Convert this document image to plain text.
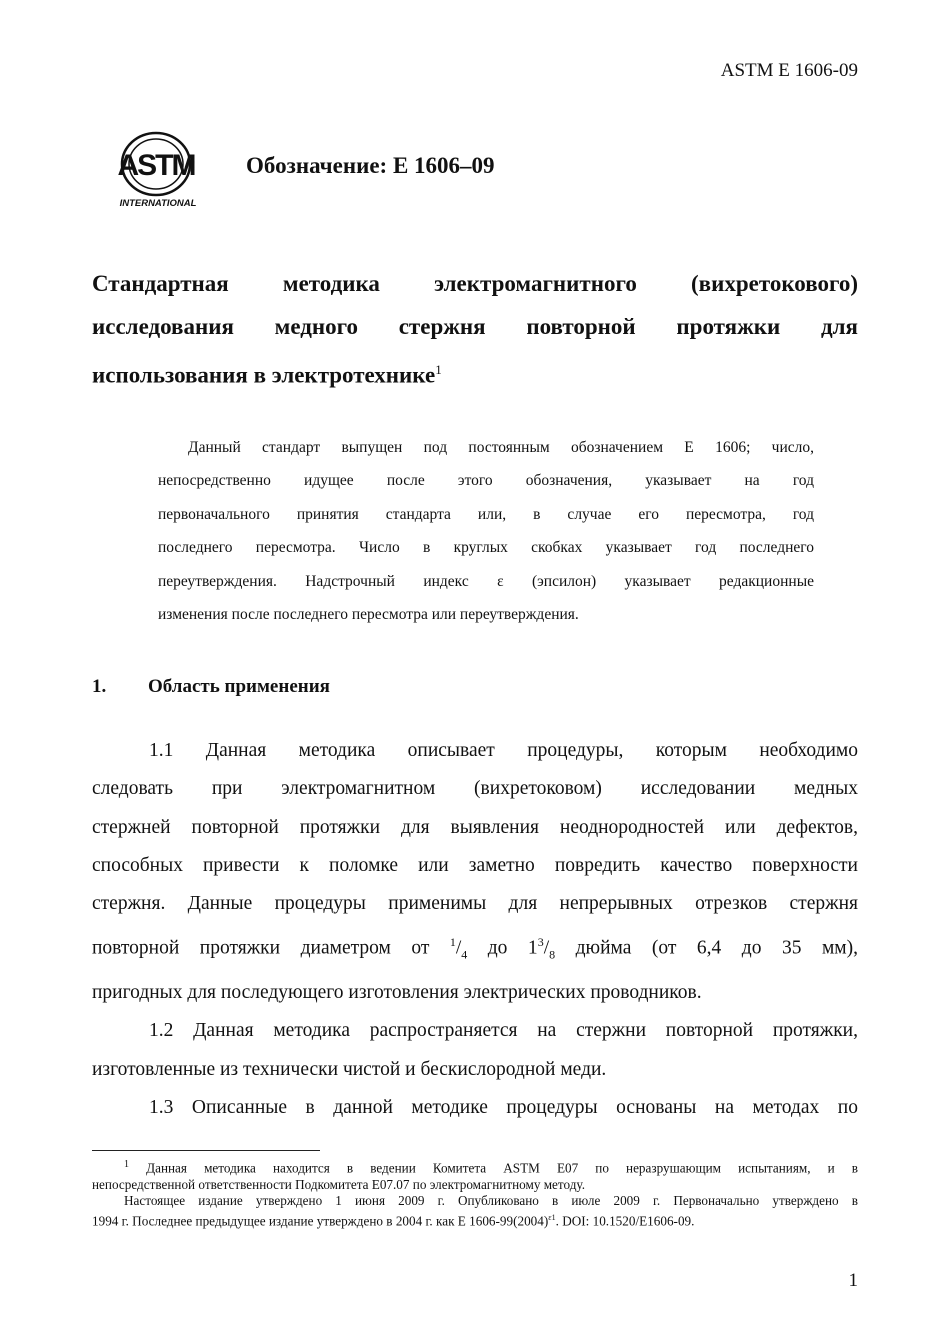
ASTM E 1606-09
ASTM
INTERNATIONAL
Обозначение: E 1606–09
Стандартная методика электромагнитного (вихретокового)
исследования медного стержня повторной протяжки для
использования в электротехнике$^1$
Данный стандарт выпущен под постоянным обозначением E 1606; число,
непосредственно идущее после этого обозначения, указывает на год
первоначального принятия стандарта или, в случае его пересмотра, год
последнего пересмотра. Число в круглых скобках указывает год последнего
переутверждения. Надстрочный индекс ε (эпсилон) указывает редакционные
изменения после последнего пересмотра или переутверждения.
1. Область применения
1.1 Данная методика описывает процедуры, которым необходимо
следовать при электромагнитном (вихретоковом) исследовании медных
стержней повторной протяжки для выявления неоднородностей или дефектов,
способных привести к поломке или заметно повредить качество поверхности
стержня. Данные процедуры применимы для непрерывных отрезков стержня
повторной протяжки диаметром от $^1/_4$ до $1^3/_8$ дюйма (от 6,4 до 35 мм),
пригодных для последующего изготовления электрических проводников.
1.2 Данная методика распространяется на стержни повторной протяжки,
изготовленные из технически чистой и бескислородной меди.
1.3 Описанные в данной методике процедуры основаны на методах по
$^1$ Данная методика находится в ведении Комитета ASTM E07 по неразрушающим испытаниям, и в
непосредственной ответственности Подкомитета E07.07 по электромагнитному методу.
Настоящее издание утверждено 1 июня 2009 г. Опубликовано в июле 2009 г. Первоначально утверждено в
1994 г. Последнее предыдущее издание утверждено в 2004 г. как E $1606-99(2004)^{\varepsilon 1}$. DOI: 10.1520/E1606-09.
1
